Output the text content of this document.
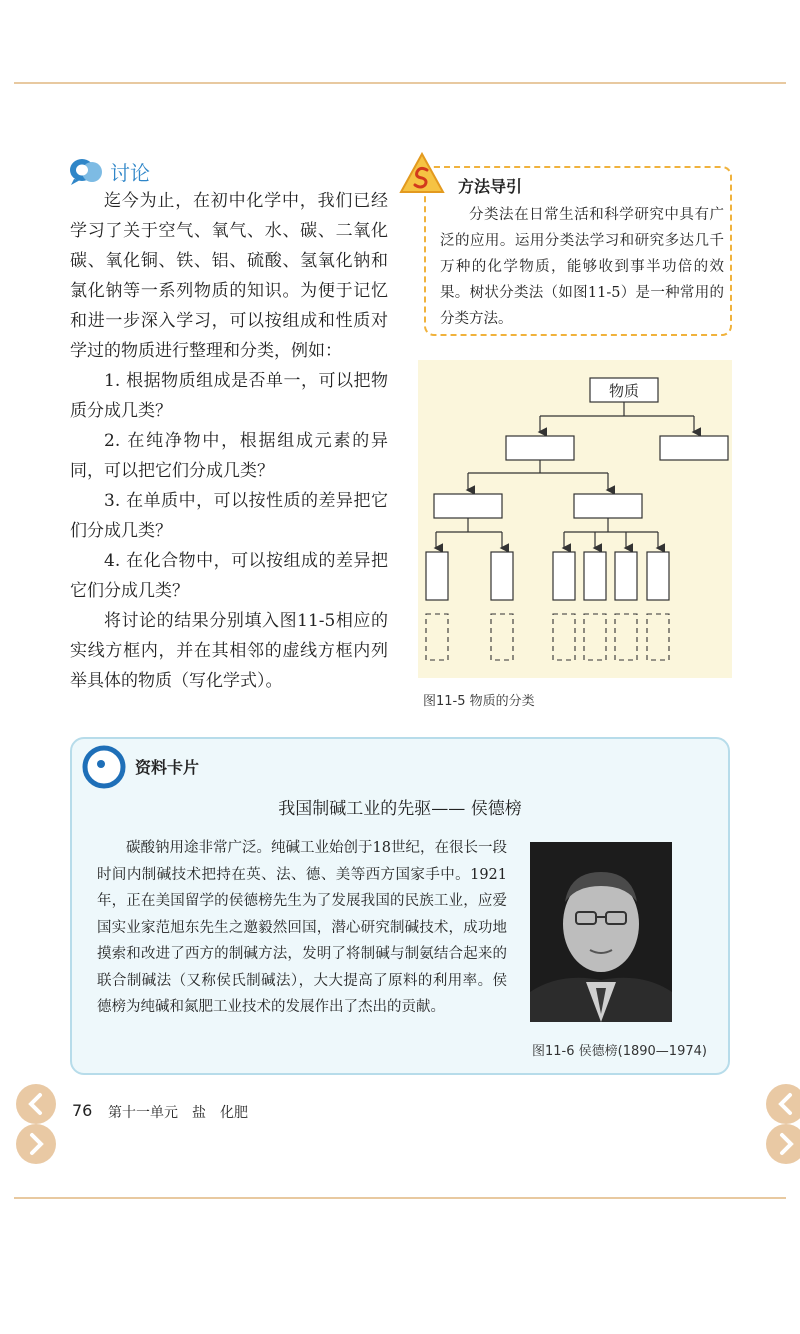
讨论

迄今为止，在初中化学中，我们已经学习了关于空气、氧气、水、碳、二氧化碳、氧化铜、铁、铝、硫酸、氢氧化钠和氯化钠等一系列物质的知识。为便于记忆和进一步深入学习，可以按组成和性质对学过的物质进行整理和分类，例如：

1. 根据物质组成是否单一，可以把物质分成几类？

2. 在纯净物中，根据组成元素的异同，可以把它们分成几类？

3. 在单质中，可以按性质的差异把它们分成几类？

4. 在化合物中，可以按组成的差异把它们分成几类？

将讨论的结果分别填入图11-5相应的实线方框内，并在其相邻的虚线方框内列举具体的物质（写化学式）。

方法导引
分类法在日常生活和科学研究中具有广泛的应用。运用分类法学习和研究多达几千万种的化学物质，能够收到事半功倍的效果。树状分类法（如图11-5）是一种常用的分类方法。
物质
图11-5 物质的分类
资料卡片
我国制碱工业的先驱—— 侯德榜
碳酸钠用途非常广泛。纯碱工业始创于18世纪，在很长一段时间内制碱技术把持在英、法、德、美等西方国家手中。1921年，正在美国留学的侯德榜先生为了发展我国的民族工业，应爱国实业家范旭东先生之邀毅然回国，潜心研究制碱技术，成功地摸索和改进了西方的制碱方法，发明了将制碱与制氨结合起来的联合制碱法（又称侯氏制碱法），大大提高了原料的利用率。侯德榜为纯碱和氮肥工业技术的发展作出了杰出的贡献。
图11-6 侯德榜(1890—1974)
76 第十一单元 盐 化肥
